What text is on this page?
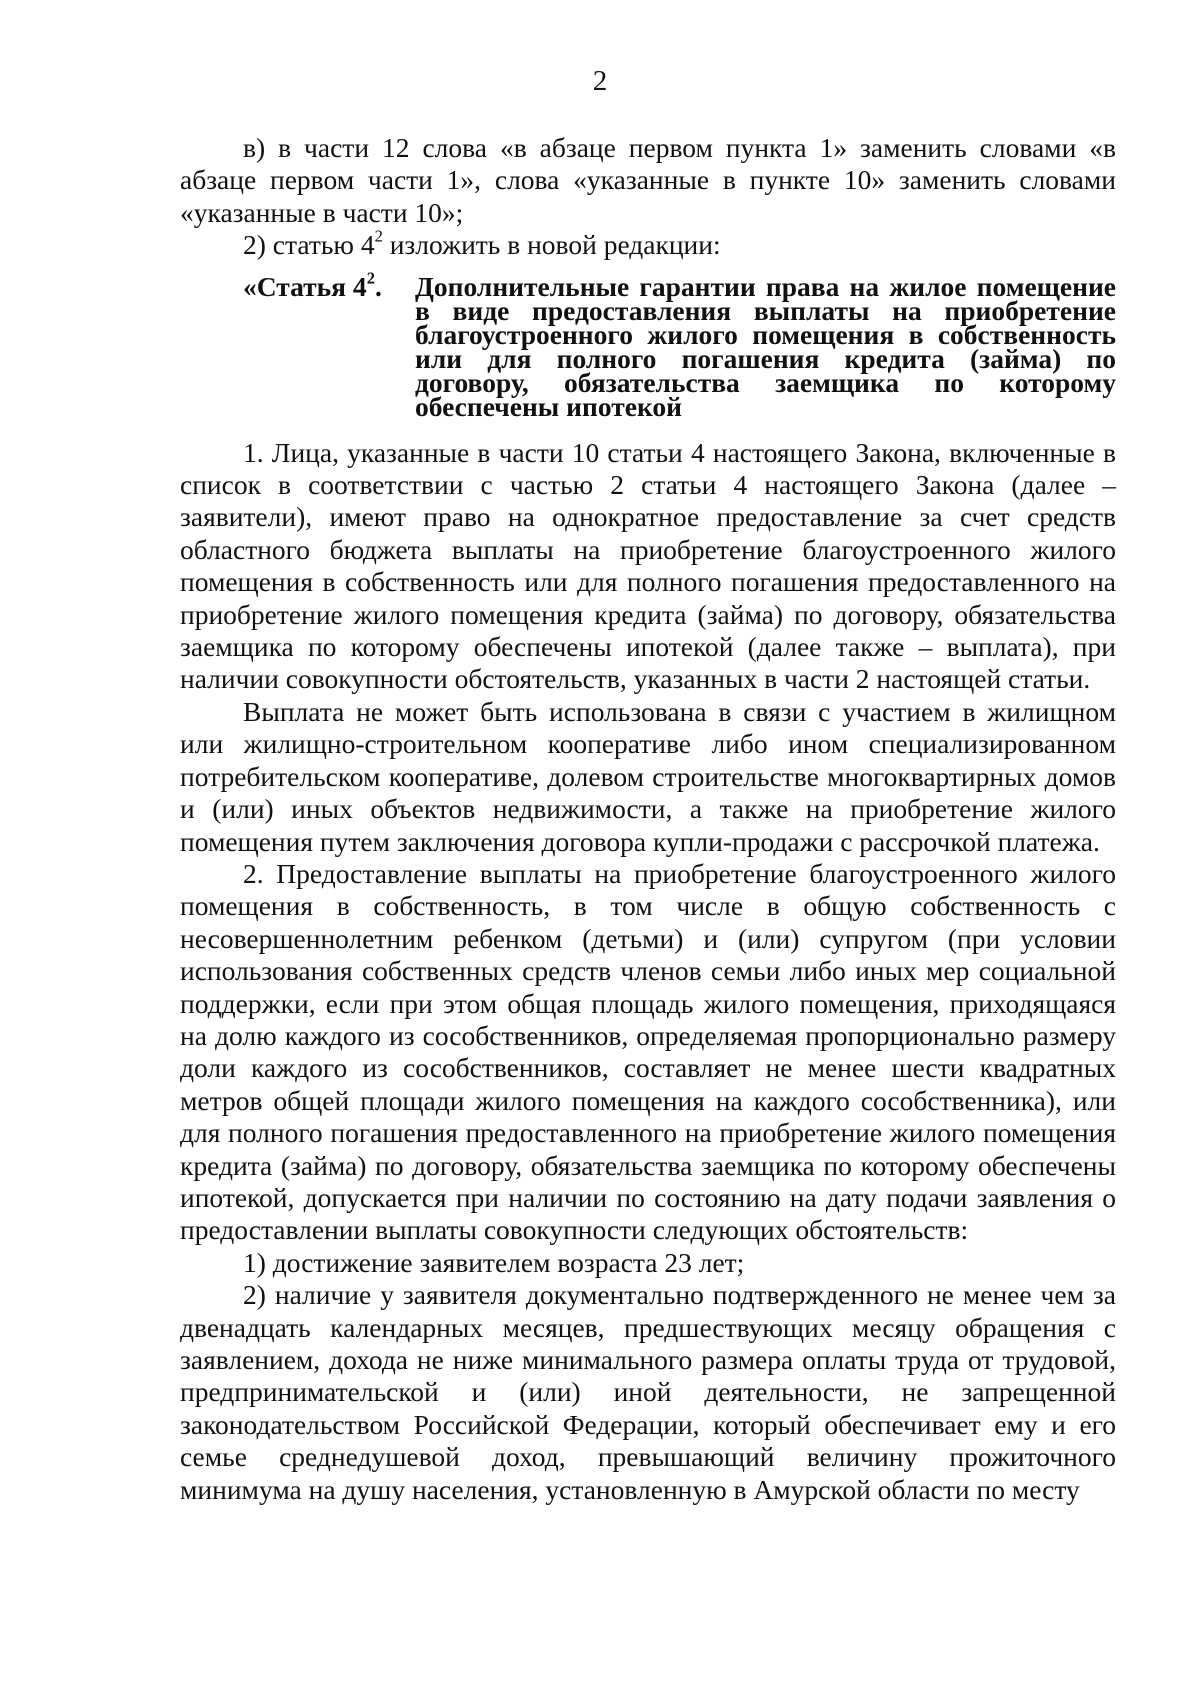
2

в) в части 12 слова «в абзаце первом пункта 1» заменить словами «в абзаце первом части 1», слова «указанные в пункте 10» заменить словами «указанные в части 10»;

2) статью $4^2$ изложить в новой редакции:

«Статья $4^2$.	Дополнительные гарантии права на жилое помещение в виде предоставления выплаты на приобретение благоустроенного жилого помещения в собственность или для полного погашения кредита (займа) по договору, обязательства заемщика по которому обеспечены ипотекой

1. Лица, указанные в части 10 статьи 4 настоящего Закона, включенные в список в соответствии с частью 2 статьи 4 настоящего Закона (далее – заявители), имеют право на однократное предоставление за счет средств областного бюджета выплаты на приобретение благоустроенного жилого помещения в собственность или для полного погашения предоставленного на приобретение жилого помещения кредита (займа) по договору, обязательства заемщика по которому обеспечены ипотекой (далее также – выплата), при наличии совокупности обстоятельств, указанных в части 2 настоящей статьи.

Выплата не может быть использована в связи с участием в жилищном или жилищно-строительном кооперативе либо ином специализированном потребительском кооперативе, долевом строительстве многоквартирных домов и (или) иных объектов недвижимости, а также на приобретение жилого помещения путем заключения договора купли-продажи с рассрочкой платежа.

2. Предоставление выплаты на приобретение благоустроенного жилого помещения в собственность, в том числе в общую собственность с несовершеннолетним ребенком (детьми) и (или) супругом (при условии использования собственных средств членов семьи либо иных мер социальной поддержки, если при этом общая площадь жилого помещения, приходящаяся на долю каждого из сособственников, определяемая пропорционально размеру доли каждого из сособственников, составляет не менее шести квадратных метров общей площади жилого помещения на каждого сособственника), или для полного погашения предоставленного на приобретение жилого помещения кредита (займа) по договору, обязательства заемщика по которому обеспечены ипотекой, допускается при наличии по состоянию на дату подачи заявления о предоставлении выплаты совокупности следующих обстоятельств:

1) достижение заявителем возраста 23 лет;

2) наличие у заявителя документально подтвержденного не менее чем за двенадцать календарных месяцев, предшествующих месяцу обращения с заявлением, дохода не ниже минимального размера оплаты труда от трудовой, предпринимательской и (или) иной деятельности, не запрещенной законодательством Российской Федерации, который обеспечивает ему и его семье среднедушевой доход, превышающий величину прожиточного минимума на душу населения, установленную в Амурской области по месту
